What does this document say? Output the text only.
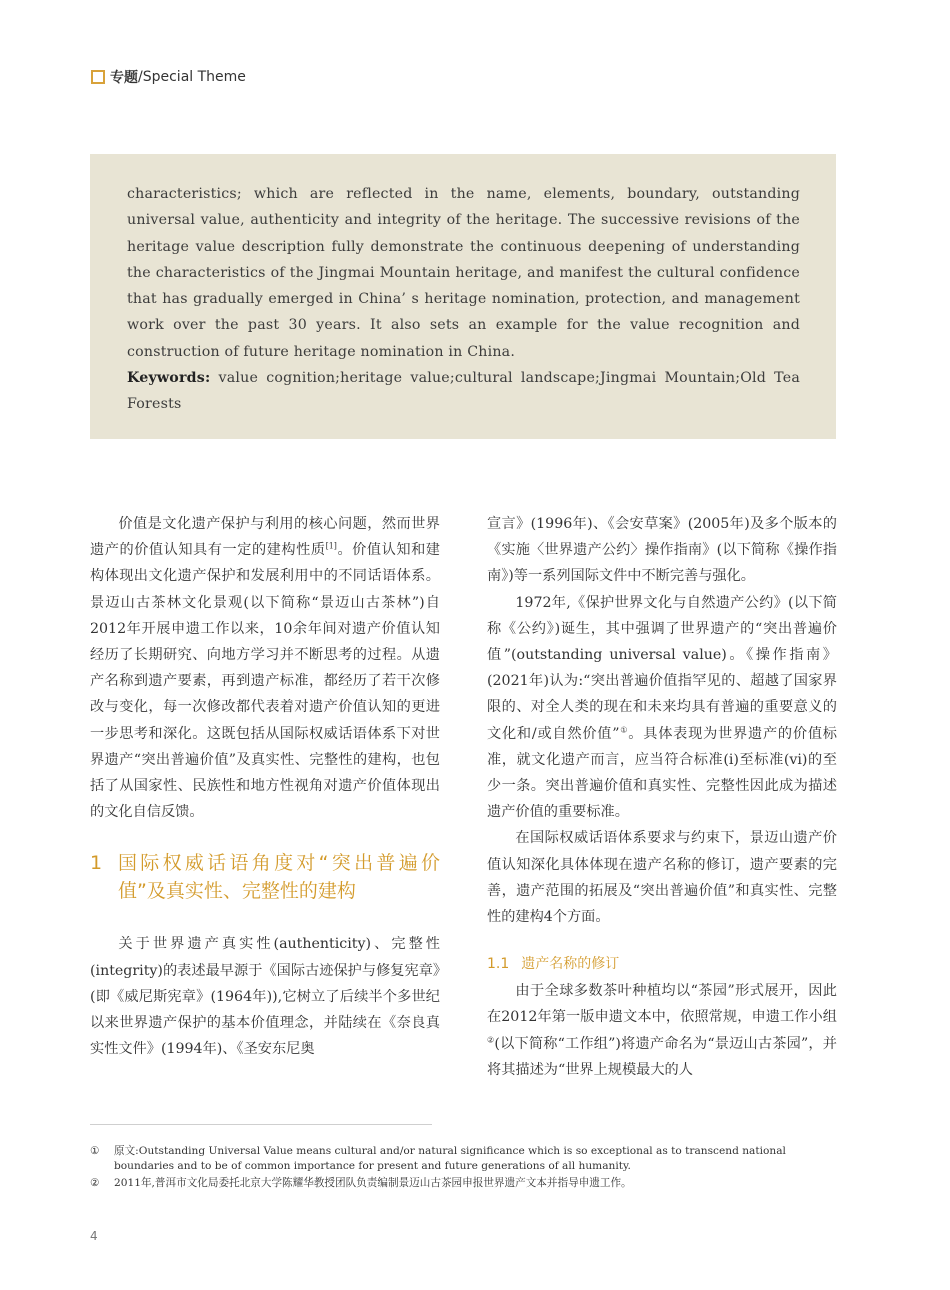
专题 /Special Theme

characteristics; which are reflected in the name, elements, boundary, outstanding universal value, authenticity and integrity of the heritage. The successive revisions of the heritage value description fully demonstrate the continuous deepening of understanding the characteristics of the Jingmai Mountain heritage, and manifest the cultural confidence that has gradually emerged in China’ s heritage nomination, protection, and management work over the past 30 years. It also sets an example for the value recognition and construction of future heritage nomination in China.

Keywords: value cognition;heritage value;cultural landscape;Jingmai Mountain;Old Tea Forests

价值是文化遗产保护与利用的核心问题，然而世界遗产的价值认知具有一定的建构性质[1]。价值认知和建构体现出文化遗产保护和发展利用中的不同话语体系。景迈山古茶林文化景观(以下简称“景迈山古茶林”)自2012年开展申遗工作以来，10余年间对遗产价值认知经历了长期研究、向地方学习并不断思考的过程。从遗产名称到遗产要素，再到遗产标准，都经历了若干次修改与变化，每一次修改都代表着对遗产价值认知的更进一步思考和深化。这既包括从国际权威话语体系下对世界遗产“突出普遍价值”及真实性、完整性的建构，也包括了从国家性、民族性和地方性视角对遗产价值体现出的文化自信反馈。

1 国际权威话语角度对“突出普遍价值”及真实性、完整性的建构

关于世界遗产真实性(authenticity)、完整性(integrity)的表述最早源于《国际古迹保护与修复宪章》(即《威尼斯宪章》(1964年)),它树立了后续半个多世纪以来世界遗产保护的基本价值理念，并陆续在《奈良真实性文件》(1994年)、《圣安东尼奥

宣言》(1996年)、《会安草案》(2005年)及多个版本的《实施〈世界遗产公约〉操作指南》(以下简称《操作指南》)等一系列国际文件中不断完善与强化。

1972年,《保护世界文化与自然遗产公约》(以下简称《公约》)诞生，其中强调了世界遗产的“突出普遍价值”(outstanding universal value)。《操作指南》(2021年)认为:“突出普遍价值指罕见的、超越了国家界限的、对全人类的现在和未来均具有普遍的重要意义的文化和/或自然价值”①。具体表现为世界遗产的价值标准，就文化遗产而言，应当符合标准(i)至标准(vi)的至少一条。突出普遍价值和真实性、完整性因此成为描述遗产价值的重要标准。

在国际权威话语体系要求与约束下，景迈山遗产价值认知深化具体体现在遗产名称的修订，遗产要素的完善，遗产范围的拓展及“突出普遍价值”和真实性、完整性的建构4个方面。

1.1 遗产名称的修订

由于全球多数茶叶种植均以“茶园”形式展开，因此在2012年第一版申遗文本中，依照常规，申遗工作小组②(以下简称“工作组”)将遗产命名为“景迈山古茶园”，并将其描述为“世界上规模最大的人

①	原文:Outstanding Universal Value means cultural and/or natural significance which is so exceptional as to transcend national boundaries and to be of common importance for present and future generations of all humanity.
②	2011年,普洱市文化局委托北京大学陈耀华教授团队负责编制景迈山古茶园申报世界遗产文本并指导申遗工作。
4
